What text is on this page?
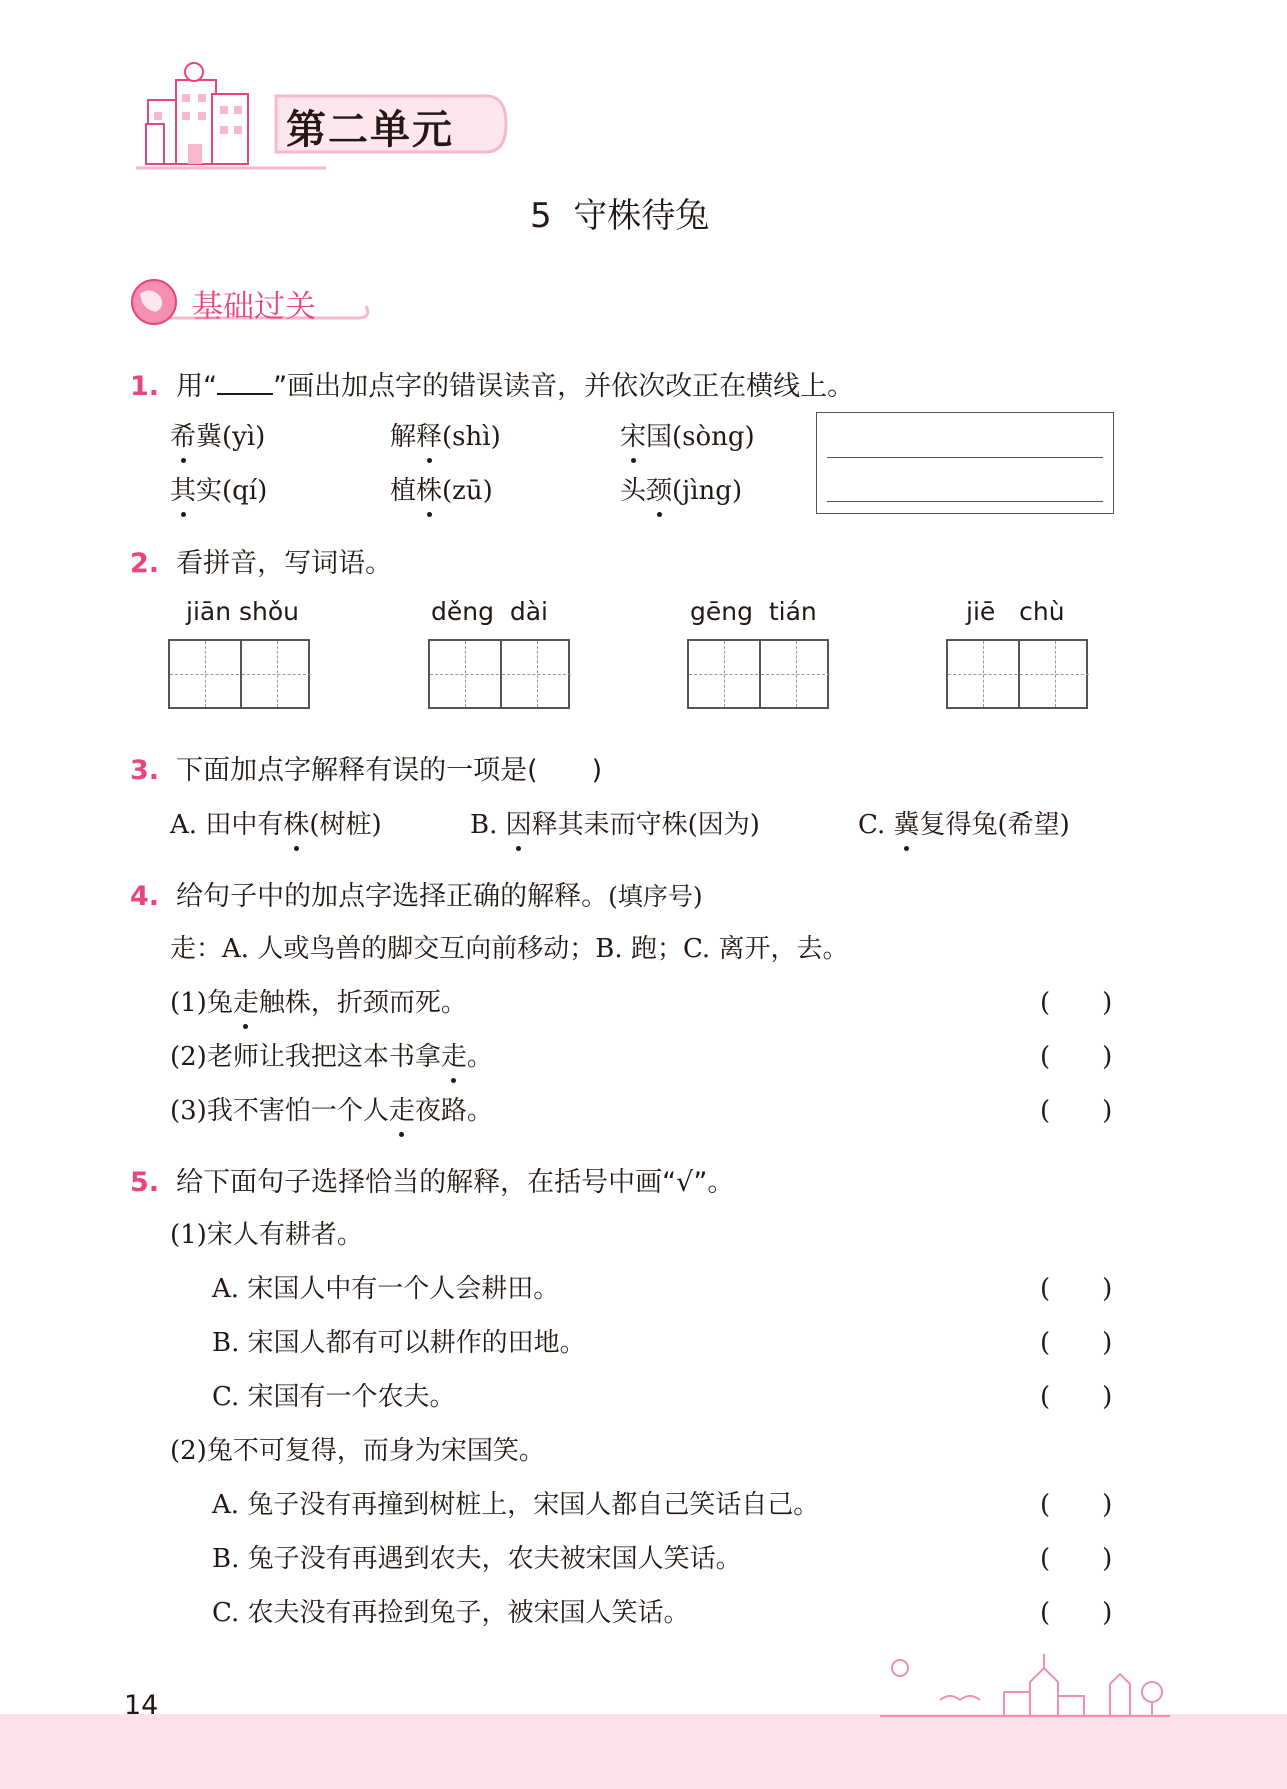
第二单元
5  守株待兔
基础过关
1. 用“ ”画出加点字的错误读音，并依次改正在横线上。
希冀(yì)	解释(shì)	宋国(sòng)
其实(qí)	植株(zū)	头颈(jìng)
2. 看拼音，写词语。
jiān shǒu	děng  dài	gēng  tián	jiē   chù
3. 下面加点字解释有误的一项是(　　)
A. 田中有株(树桩)	B. 因释其耒而守株(因为)	C. 冀复得兔(希望)
4. 给句子中的加点字选择正确的解释。(填序号)
走：A. 人或鸟兽的脚交互向前移动；B. 跑；C. 离开，去。
(1)兔走触株，折颈而死。	(　　)
(2)老师让我把这本书拿走。	(　　)
(3)我不害怕一个人走夜路。	(　　)
5. 给下面句子选择恰当的解释，在括号中画“√”。
(1)宋人有耕者。
A. 宋国人中有一个人会耕田。	(　　)
B. 宋国人都有可以耕作的田地。	(　　)
C. 宋国有一个农夫。	(　　)
(2)兔不可复得，而身为宋国笑。
A. 兔子没有再撞到树桩上，宋国人都自己笑话自己。	(　　)
B. 兔子没有再遇到农夫，农夫被宋国人笑话。	(　　)
C. 农夫没有再捡到兔子，被宋国人笑话。	(　　)
14
